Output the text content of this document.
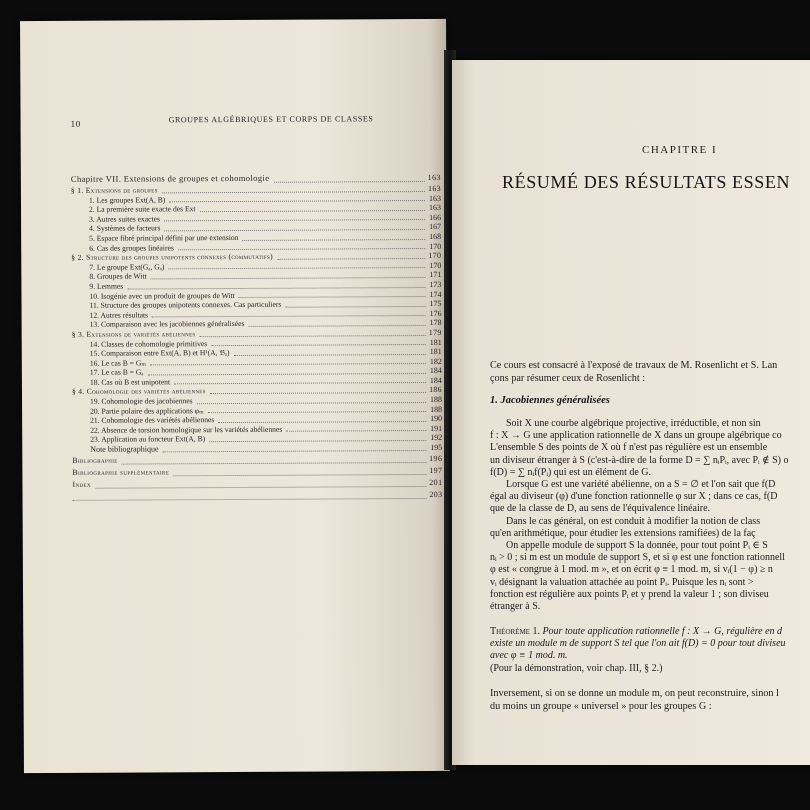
10	GROUPES ALGÉBRIQUES ET CORPS DE CLASSES
Chapitre VII. Extensions de groupes et cohomologie	163
§ 1. Extensions de groupes	163
1. Les groupes Ext(A, B)	163
2. La première suite exacte des Ext	163
3. Autres suites exactes	166
4. Systèmes de facteurs	167
5. Espace fibré principal défini par une extension	168
6. Cas des groupes linéaires	170
§ 2. Structure des groupes unipotents connexes (commutatifs)	170
7. Le groupe Ext(Gₐ, Gₐ)	170
8. Groupes de Witt	171
9. Lemmes	173
10. Isogénie avec un produit de groupes de Witt	174
11. Structure des groupes unipotents connexes. Cas particuliers	175
12. Autres résultats	176
13. Comparaison avec les jacobiennes généralisées	178
§ 3. Extensions de variétés abéliennes	179
14. Classes de cohomologie primitives	181
15. Comparaison entre Ext(A, B) et H¹(A, 𝔅ₐ)	181
16. Le cas B = Gₘ	182
17. Le cas B = Gₐ	184
18. Cas où B est unipotent	184
§ 4. Cohomologie des variétés abéliennes	186
19. Cohomologie des jacobiennes	188
20. Partie polaire des applications φₘ	188
21. Cohomologie des variétés abéliennes	190
22. Absence de torsion homologique sur les variétés abéliennes	191
23. Application au foncteur Ext(A, B)	192
Note bibliographique	195
Bibliographie	196
Bibliographie supplémentaire	197
Index	201
203
CHAPITRE I
RÉSUMÉ DES RÉSULTATS ESSEN
Ce cours est consacré à l'exposé de travaux de M. Rosenlicht et S. Lan
çons par résumer ceux de Rosenlicht :
1. Jacobiennes généralisées
Soit X une courbe algébrique projective, irréductible, et non sin
f : X → G une application rationnelle de X dans un groupe algébrique co
L'ensemble S des points de X où f n'est pas régulière est un ensemble
un diviseur étranger à S (c'est-à-dire de la forme D = ∑ nᵢPᵢ, avec Pᵢ ∉ S) o
f(D) = ∑ nᵢf(Pᵢ) qui est un élément de G.
Lorsque G est une variété abélienne, on a S = ∅ et l'on sait que f(D
égal au diviseur (φ) d'une fonction rationnelle φ sur X ; dans ce cas, f(D
que de la classe de D, au sens de l'équivalence linéaire.
Dans le cas général, on est conduit à modifier la notion de class
qu'en arithmétique, pour étudier les extensions ramifiées) de la faç
On appelle module de support S la donnée, pour tout point Pᵢ ∈ S
nᵢ > 0 ; si m est un module de support S, et si φ est une fonction rationnell
φ est « congrue à 1 mod. m », et on écrit φ ≡ 1 mod. m, si vᵢ(1 − φ) ≥ n
vᵢ désignant la valuation attachée au point Pᵢ. Puisque les nᵢ sont >
fonction est régulière aux points Pᵢ et y prend la valeur 1 ; son diviseu
étranger à S.
Théorème 1. Pour toute application rationnelle f : X → G, régulière en d
existe un module m de support S tel que l'on ait f(D) = 0 pour tout diviseu
avec φ ≡ 1 mod. m.
(Pour la démonstration, voir chap. III, § 2.)
Inversement, si on se donne un module m, on peut reconstruire, sinon l
du moins un groupe « universel » pour les groupes G :
